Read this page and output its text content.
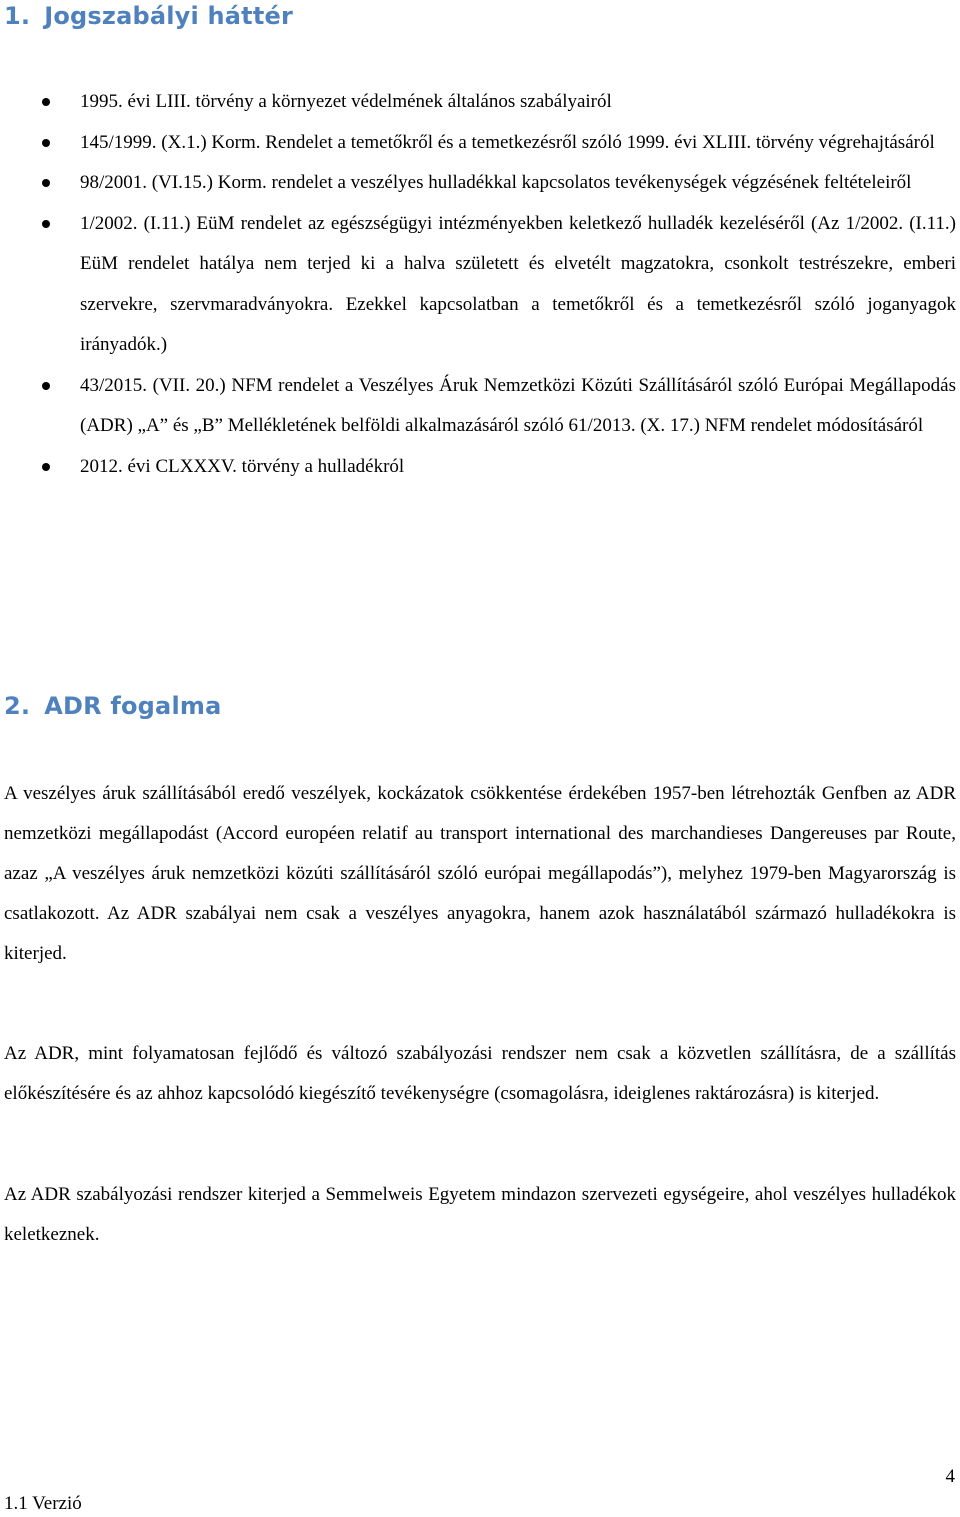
1. Jogszabályi háttér
1995. évi LIII. törvény a környezet védelmének általános szabályairól
145/1999. (X.1.) Korm. Rendelet a temetőkről és a temetkezésről szóló 1999. évi XLIII. törvény végrehajtásáról
98/2001. (VI.15.) Korm. rendelet a veszélyes hulladékkal kapcsolatos tevékenységek végzésének feltételeiről
1/2002. (I.11.) EüM rendelet az egészségügyi intézményekben keletkező hulladék kezeléséről (Az 1/2002. (I.11.) EüM rendelet hatálya nem terjed ki a halva született és elvetélt magzatokra, csonkolt testrészekre, emberi szervekre, szervmaradványokra. Ezekkel kapcsolatban a temetőkről és a temetkezésről szóló joganyagok irányadók.)
43/2015. (VII. 20.) NFM rendelet a Veszélyes Áruk Nemzetközi Közúti Szállításáról szóló Európai Megállapodás (ADR) „A” és „B” Mellékletének belföldi alkalmazásáról szóló 61/2013. (X. 17.) NFM rendelet módosításáról
2012. évi CLXXXV. törvény a hulladékról
2. ADR fogalma

A veszélyes áruk szállításából eredő veszélyek, kockázatok csökkentése érdekében 1957-ben létrehozták Genfben az ADR nemzetközi megállapodást (Accord européen relatif au transport international des marchandieses Dangereuses par Route, azaz „A veszélyes áruk nemzetközi közúti szállításáról szóló európai megállapodás”), melyhez 1979-ben Magyarország is csatlakozott. Az ADR szabályai nem csak a veszélyes anyagokra, hanem azok használatából származó hulladékokra is kiterjed.

Az ADR, mint folyamatosan fejlődő és változó szabályozási rendszer nem csak a közvetlen szállításra, de a szállítás előkészítésére és az ahhoz kapcsolódó kiegészítő tevékenységre (csomagolásra, ideiglenes raktározásra) is kiterjed.

Az ADR szabályozási rendszer kiterjed a Semmelweis Egyetem mindazon szervezeti egységeire, ahol veszélyes hulladékok keletkeznek.

4
1.1 Verzió
